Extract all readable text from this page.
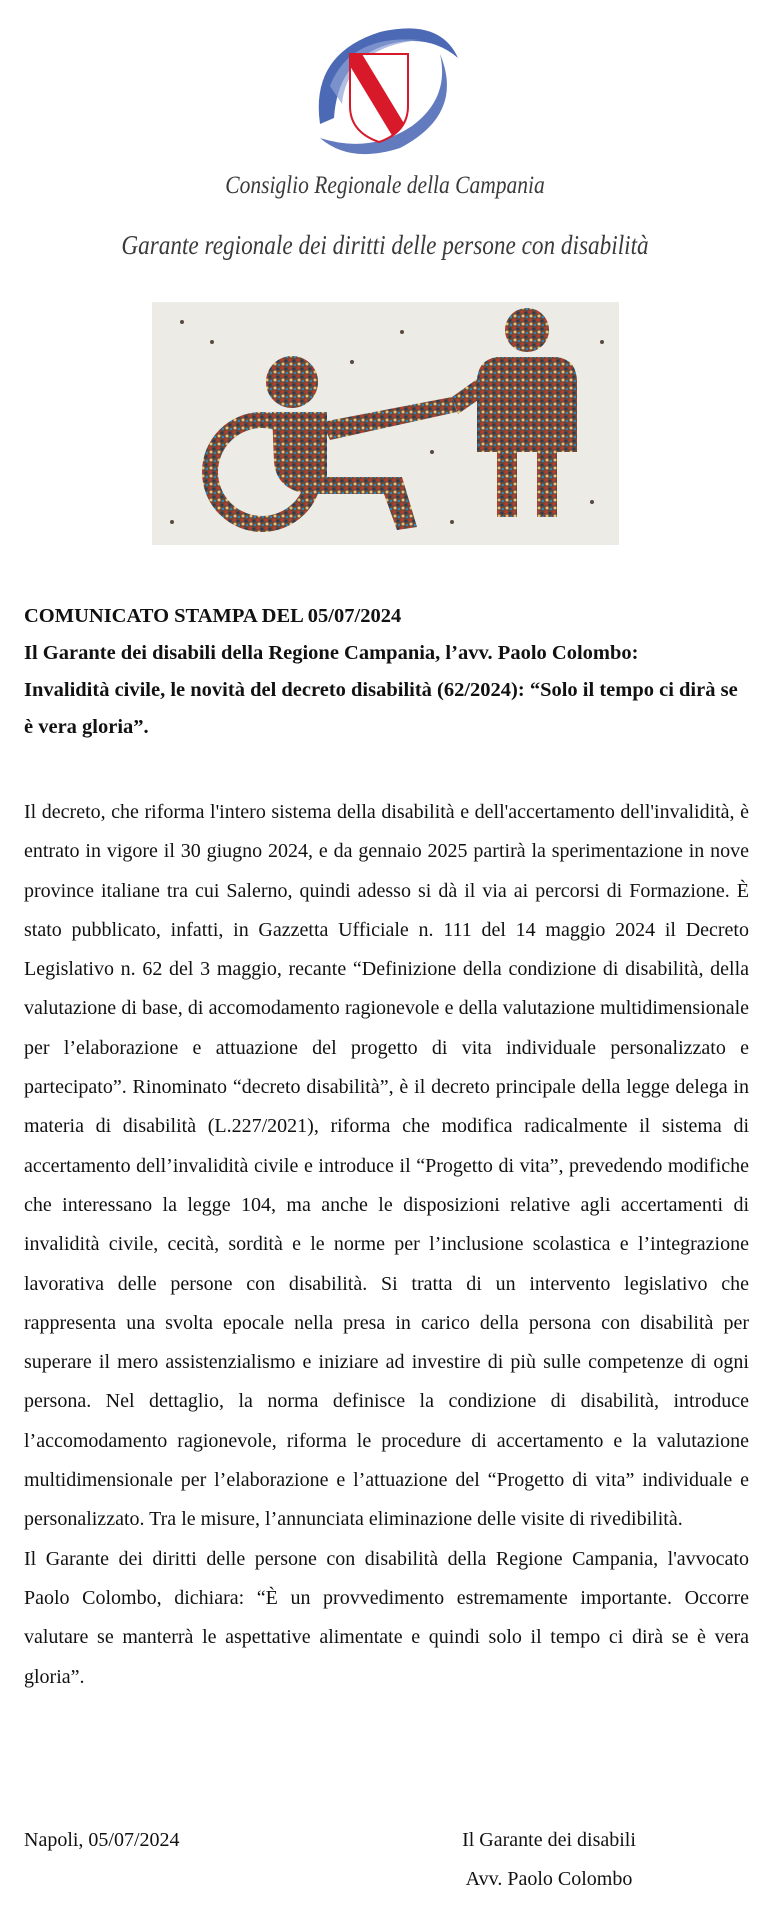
Consiglio Regionale della Campania
Garante regionale dei diritti delle persone con disabilità
COMUNICATO STAMPA DEL 05/07/2024
Il Garante dei disabili della Regione Campania, l’avv. Paolo Colombo:
Invalidità civile, le novità del decreto disabilità (62/2024): “Solo il tempo ci dirà se è vera gloria”.

Il decreto, che riforma l'intero sistema della disabilità e dell'accertamento dell'invalidità, è entrato in vigore il 30 giugno 2024, e da gennaio 2025 partirà la sperimentazione in nove province italiane tra cui Salerno, quindi adesso si dà il via ai percorsi di Formazione. È stato pubblicato, infatti, in Gazzetta Ufficiale n. 111 del 14 maggio 2024 il Decreto Legislativo n. 62 del 3 maggio, recante “Definizione della condizione di disabilità, della valutazione di base, di accomodamento ragionevole e della valutazione multidimensionale per l’elaborazione e attuazione del progetto di vita individuale personalizzato e partecipato”. Rinominato “decreto disabilità”, è il decreto principale della legge delega in materia di disabilità (L.227/2021), riforma che modifica radicalmente il sistema di accertamento dell’invalidità civile e introduce il “Progetto di vita”, prevedendo modifiche che interessano la legge 104, ma anche le disposizioni relative agli accertamenti di invalidità civile, cecità, sordità e le norme per l’inclusione scolastica e l’integrazione lavorativa delle persone con disabilità. Si tratta di un intervento legislativo che rappresenta una svolta epocale nella presa in carico della persona con disabilità per superare il mero assistenzialismo e iniziare ad investire di più sulle competenze di ogni persona. Nel dettaglio, la norma definisce la condizione di disabilità, introduce l’accomodamento ragionevole, riforma le procedure di accertamento e la valutazione multidimensionale per l’elaborazione e l’attuazione del “Progetto di vita” individuale e personalizzato. Tra le misure, l’annunciata eliminazione delle visite di rivedibilità.

Il Garante dei diritti delle persone con disabilità della Regione Campania, l'avvocato Paolo Colombo, dichiara: “È un provvedimento estremamente importante. Occorre valutare se manterrà le aspettative alimentate e quindi solo il tempo ci dirà se è vera gloria”.

Napoli, 05/07/2024	Il Garante dei disabili
Avv. Paolo Colombo
